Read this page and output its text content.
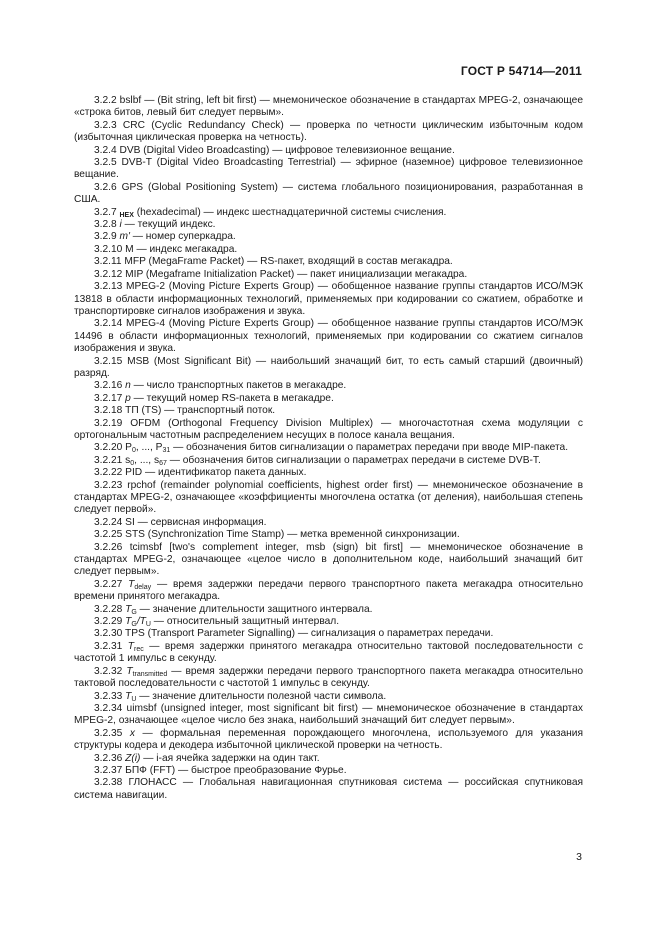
ГОСТ Р 54714—2011

3.2.2 bslbf — (Bit string, left bit first) — мнемоническое обозначение в стандартах MPEG-2, означающее «строка битов, левый бит следует первым».

3.2.3 CRC (Cyclic Redundancy Check) — проверка по четности циклическим избыточным кодом (избыточная циклическая проверка на четность).

3.2.4 DVB (Digital Video Broadcasting) — цифровое телевизионное вещание.

3.2.5 DVB-T (Digital Video Broadcasting Terrestrial) — эфирное (наземное) цифровое телевизионное вещание.

3.2.6 GPS (Global Positioning System) — система глобального позиционирования, разработанная в США.

3.2.7 $_{HEX}$ (hexadecimal) — индекс шестнадцатеричной системы счисления.

3.2.8 i — текущий индекс.

3.2.9 m' — номер суперкадра.

3.2.10 M — индекс мегакадра.

3.2.11 MFP (MegaFrame Packet) — RS-пакет, входящий в состав мегакадра.

3.2.12 MIP (Megaframe Initialization Packet) — пакет инициализации мегакадра.

3.2.13 MPEG-2 (Moving Picture Experts Group) — обобщенное название группы стандартов ИСО/МЭК 13818 в области информационных технологий, применяемых при кодировании со сжатием, обработке и транспортировке сигналов изображения и звука.

3.2.14 MPEG-4 (Moving Picture Experts Group) — обобщенное название группы стандартов ИСО/МЭК 14496 в области информационных технологий, применяемых при кодировании со сжатием сигналов изображения и звука.

3.2.15 MSB (Most Significant Bit) — наибольший значащий бит, то есть самый старший (двоичный) разряд.

3.2.16 n — число транспортных пакетов в мегакадре.

3.2.17 p — текущий номер RS-пакета в мегакадре.

3.2.18 ТП (TS) — транспортный поток.

3.2.19 OFDM (Orthogonal Frequency Division Multiplex) — многочастотная схема модуляции с ортогональным частотным распределением несущих в полосе канала вещания.

3.2.20 $P_0$, ..., $P_{31}$ — обозначения битов сигнализации о параметрах передачи при вводе MIP-пакета.

3.2.21 $s_0$, ..., $s_{67}$ — обозначения битов сигнализации о параметрах передачи в системе DVB-T.

3.2.22 PID — идентификатор пакета данных.

3.2.23 rpchof (remainder polynomial coefficients, highest order first) — мнемоническое обозначение в стандартах MPEG-2, означающее «коэффициенты многочлена остатка (от деления), наибольшая степень следует первой».

3.2.24 SI — сервисная информация.

3.2.25 STS (Synchronization Time Stamp) — метка временной синхронизации.

3.2.26 tcimsbf [two's complement integer, msb (sign) bit first] — мнемоническое обозначение в стандартах MPEG-2, означающее «целое число в дополнительном коде, наибольший значащий бит следует первым».

3.2.27 $T_{delay}$ — время задержки передачи первого транспортного пакета мегакадра относительно времени принятого мегакадра.

3.2.28 $T_G$ — значение длительности защитного интервала.

3.2.29 $T_G/T_U$ — относительный защитный интервал.

3.2.30 TPS (Transport Parameter Signalling) — сигнализация о параметрах передачи.

3.2.31 $T_{rec}$ — время задержки принятого мегакадра относительно тактовой последовательности с частотой 1 импульс в секунду.

3.2.32 $T_{transmitted}$ — время задержки передачи первого транспортного пакета мегакадра относительно тактовой последовательности с частотой 1 импульс в секунду.

3.2.33 $T_U$ — значение длительности полезной части символа.

3.2.34 uimsbf (unsigned integer, most significant bit first) — мнемоническое обозначение в стандартах MPEG-2, означающее «целое число без знака, наибольший значащий бит следует первым».

3.2.35 x — формальная переменная порождающего многочлена, используемого для указания структуры кодера и декодера избыточной циклической проверки на четность.

3.2.36 Z(i) — i-ая ячейка задержки на один такт.

3.2.37 БПФ (FFT) — быстрое преобразование Фурье.

3.2.38 ГЛОНАСС — Глобальная навигационная спутниковая система — российская спутниковая система навигации.

3
